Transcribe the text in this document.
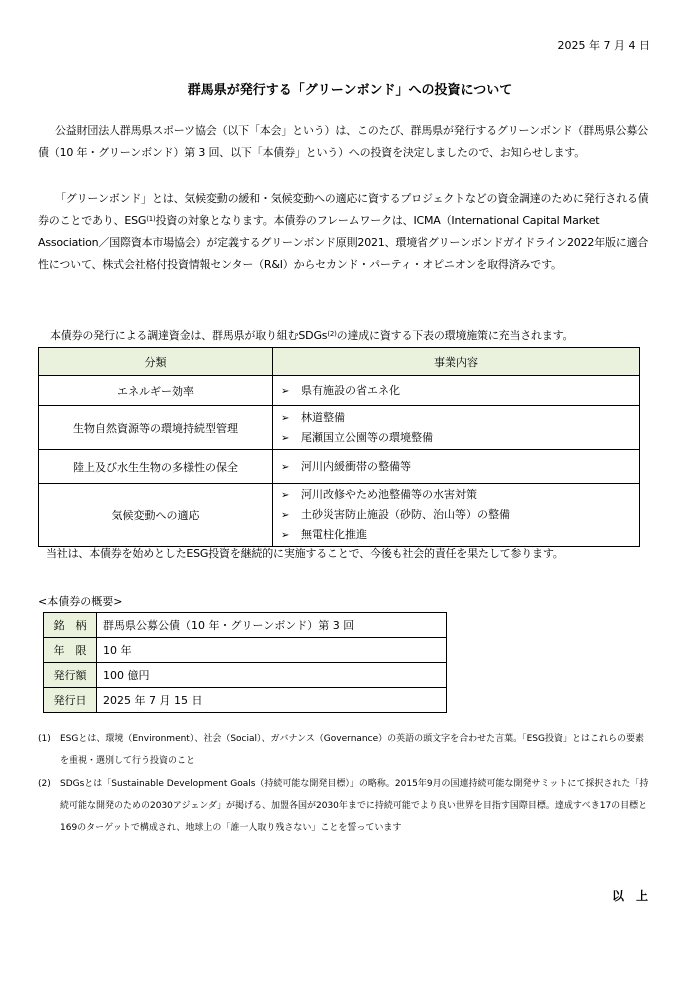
2025 年 7 月 4 日
群馬県が発行する「グリーンボンド」への投資について
公益財団法人群馬県スポーツ協会（以下「本会」という）は、このたび、群馬県が発行するグリーンボンド（群馬県公募公債（10 年・グリーンボンド）第 3 回、以下「本債券」という）への投資を決定しましたので、お知らせします。
「グリーンボンド」とは、気候変動の緩和・気候変動への適応に資するプロジェクトなどの資金調達のために発行される債券のことであり、ESG$^{(1)}$投資の対象となります。本債券のフレームワークは、ICMA（International Capital Market Association／国際資本市場協会）が定義するグリーンボンド原則2021、環境省グリーンボンドガイドライン2022年版に適合性について、株式会社格付投資情報センター（R&I）からセカンド・パーティ・オピニオンを取得済みです。
本債券の発行による調達資金は、群馬県が取り組むSDGs$^{(2)}$の達成に資する下表の環境施策に充当されます。
分類	事業内容
エネルギー効率	➢ 県有施設の省エネ化

生物自然資源等の環境持続型管理	➢ 林道整備
➢ 尾瀬国立公園等の環境整備

陸上及び水生生物の多様性の保全	➢ 河川内緩衝帯の整備等

気候変動への適応	➢ 河川改修やため池整備等の水害対策
➢ 土砂災害防止施設（砂防、治山等）の整備
➢ 無電柱化推進
当社は、本債券を始めとしたESG投資を継続的に実施することで、今後も社会的責任を果たして参ります。
<本債券の概要>
銘　柄	群馬県公募公債（10 年・グリーンボンド）第 3 回
年　限	10 年
発行額	100 億円
発行日	2025 年 7 月 15 日
(1) ESGとは、環境（Environment）、社会（Social）、ガバナンス（Governance）の英語の頭文字を合わせた言葉。「ESG投資」とはこれらの要素を重視・選別して行う投資のこと
(2) SDGsとは「Sustainable Development Goals（持続可能な開発目標）」の略称。2015年9月の国連持続可能な開発サミットにて採択された「持続可能な開発のための2030アジェンダ」が掲げる、加盟各国が2030年までに持続可能でより良い世界を目指す国際目標。達成すべき17の目標と169のターゲットで構成され、地球上の「誰一人取り残さない」ことを誓っています
以　上
